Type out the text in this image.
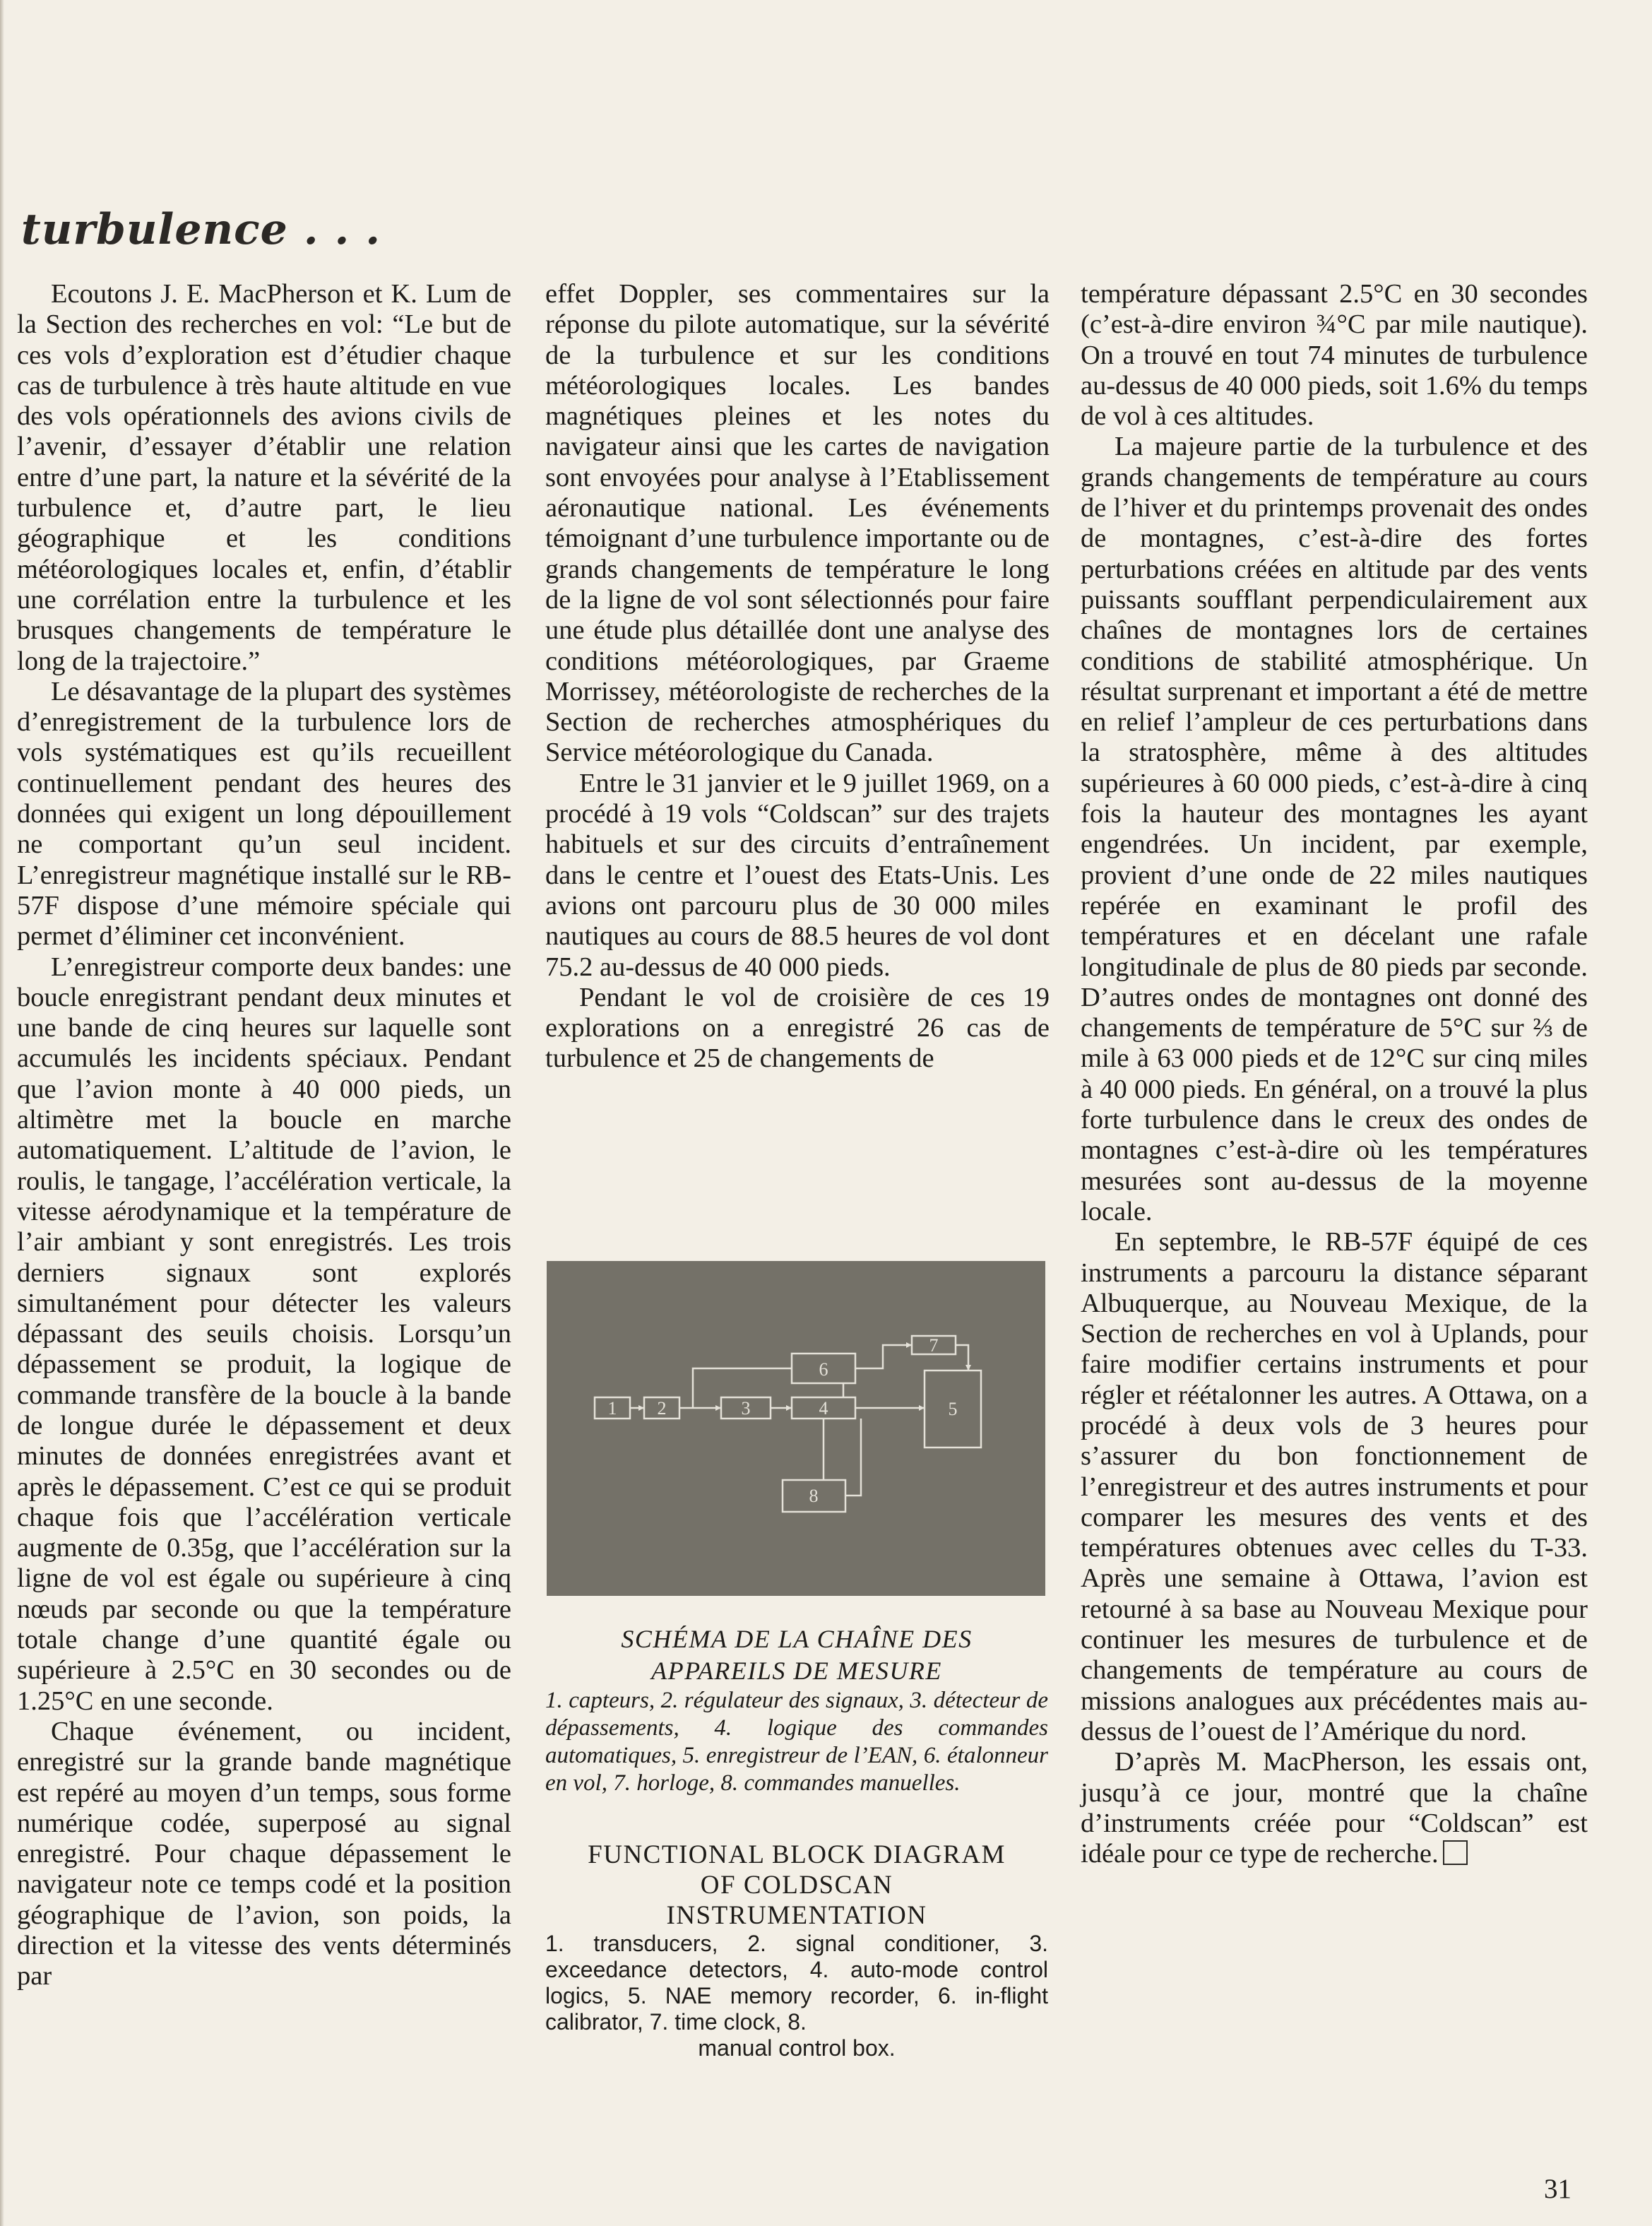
turbulence . . .

Ecoutons J. E. MacPherson et K. Lum de la Section des recherches en vol: “Le but de ces vols d’exploration est d’étudier chaque cas de turbulence à très haute altitude en vue des vols opérationnels des avions civils de l’avenir, d’essayer d’établir une relation entre d’une part, la nature et la sévérité de la turbulence et, d’autre part, le lieu géographique et les conditions météorologiques locales et, enfin, d’établir une corrélation entre la turbulence et les brusques changements de température le long de la trajectoire.”

Le désavantage de la plupart des systèmes d’enregistrement de la turbulence lors de vols systématiques est qu’ils recueillent continuellement pendant des heures des données qui exigent un long dépouillement ne comportant qu’un seul incident. L’enregistreur magnétique installé sur le RB-57F dispose d’une mémoire spéciale qui permet d’éliminer cet inconvénient.

L’enregistreur comporte deux bandes: une boucle enregistrant pendant deux minutes et une bande de cinq heures sur laquelle sont accumulés les incidents spéciaux. Pendant que l’avion monte à 40 000 pieds, un altimètre met la boucle en marche automatiquement. L’altitude de l’avion, le roulis, le tangage, l’accélération verticale, la vitesse aérodynamique et la température de l’air ambiant y sont enregistrés. Les trois derniers signaux sont explorés simultanément pour détecter les valeurs dépassant des seuils choisis. Lorsqu’un dépassement se produit, la logique de commande transfère de la boucle à la bande de longue durée le dépassement et deux minutes de données enregistrées avant et après le dépassement. C’est ce qui se produit chaque fois que l’accélération verticale augmente de 0.35g, que l’accélération sur la ligne de vol est égale ou supérieure à cinq nœuds par seconde ou que la température totale change d’une quantité égale ou supérieure à 2.5°C en 30 secondes ou de 1.25°C en une seconde.

Chaque événement, ou incident, enregistré sur la grande bande magnétique est repéré au moyen d’un temps, sous forme numérique codée, superposé au signal enregistré. Pour chaque dépassement le navigateur note ce temps codé et la position géographique de l’avion, son poids, la direction et la vitesse des vents déterminés par

effet Doppler, ses commentaires sur la réponse du pilote automatique, sur la sévérité de la turbulence et sur les conditions météorologiques locales. Les bandes magnétiques pleines et les notes du navigateur ainsi que les cartes de navigation sont envoyées pour analyse à l’Etablissement aéronautique national. Les événements témoignant d’une turbulence importante ou de grands changements de température le long de la ligne de vol sont sélectionnés pour faire une étude plus détaillée dont une analyse des conditions météorologiques, par Graeme Morrissey, météorologiste de recherches de la Section de recherches atmosphériques du Service météorologique du Canada.

Entre le 31 janvier et le 9 juillet 1969, on a procédé à 19 vols “Coldscan” sur des trajets habituels et sur des circuits d’entraînement dans le centre et l’ouest des Etats-Unis. Les avions ont parcouru plus de 30 000 miles nautiques au cours de 88.5 heures de vol dont 75.2 au-dessus de 40 000 pieds.

Pendant le vol de croisière de ces 19 explorations on a enregistré 26 cas de turbulence et 25 de changements de

température dépassant 2.5°C en 30 secondes (c’est-à-dire environ ¾°C par mile nautique). On a trouvé en tout 74 minutes de turbulence au-dessus de 40 000 pieds, soit 1.6% du temps de vol à ces altitudes.

La majeure partie de la turbulence et des grands changements de température au cours de l’hiver et du printemps provenait des ondes de montagnes, c’est-à-dire des fortes perturbations créées en altitude par des vents puissants soufflant perpendiculairement aux chaînes de montagnes lors de certaines conditions de stabilité atmosphérique. Un résultat surprenant et important a été de mettre en relief l’ampleur de ces perturbations dans la stratosphère, même à des altitudes supérieures à 60 000 pieds, c’est-à-dire à cinq fois la hauteur des montagnes les ayant engendrées. Un incident, par exemple, provient d’une onde de 22 miles nautiques repérée en examinant le profil des températures et en décelant une rafale longitudinale de plus de 80 pieds par seconde. D’autres ondes de montagnes ont donné des changements de température de 5°C sur ⅔ de mile à 63 000 pieds et de 12°C sur cinq miles à 40 000 pieds. En général, on a trouvé la plus forte turbulence dans le creux des ondes de montagnes c’est-à-dire où les températures mesurées sont au-dessus de la moyenne locale.

En septembre, le RB-57F équipé de ces instruments a parcouru la distance séparant Albuquerque, au Nouveau Mexique, de la Section de recherches en vol à Uplands, pour faire modifier certains instruments et pour régler et réétalonner les autres. A Ottawa, on a procédé à deux vols de 3 heures pour s’assurer du bon fonctionnement de l’enregistreur et des autres instruments et pour comparer les mesures des vents et des températures obtenues avec celles du T-33. Après une semaine à Ottawa, l’avion est retourné à sa base au Nouveau Mexique pour continuer les mesures de turbulence et de changements de température au cours de missions analogues aux précédentes mais au-dessus de l’ouest de l’Amérique du nord.

D’après M. MacPherson, les essais ont, jusqu’à ce jour, montré que la chaîne d’instruments créée pour “Coldscan” est idéale pour ce type de recherche.

1 2	3	4	5
6
7
8
SCHÉMA DE LA CHAÎNE DES
APPAREILS DE MESURE
1. capteurs, 2. régulateur des signaux, 3. détecteur de dépassements, 4. logique des commandes automatiques, 5. enregistreur de l’EAN, 6. étalonneur en vol, 7. horloge, 8. commandes manuelles.
FUNCTIONAL BLOCK DIAGRAM
OF COLDSCAN
INSTRUMENTATION
1. transducers, 2. signal conditioner, 3. exceedance detectors, 4. auto-mode control logics, 5. NAE memory recorder, 6. in-flight calibrator, 7. time clock, 8.
manual control box.
31
